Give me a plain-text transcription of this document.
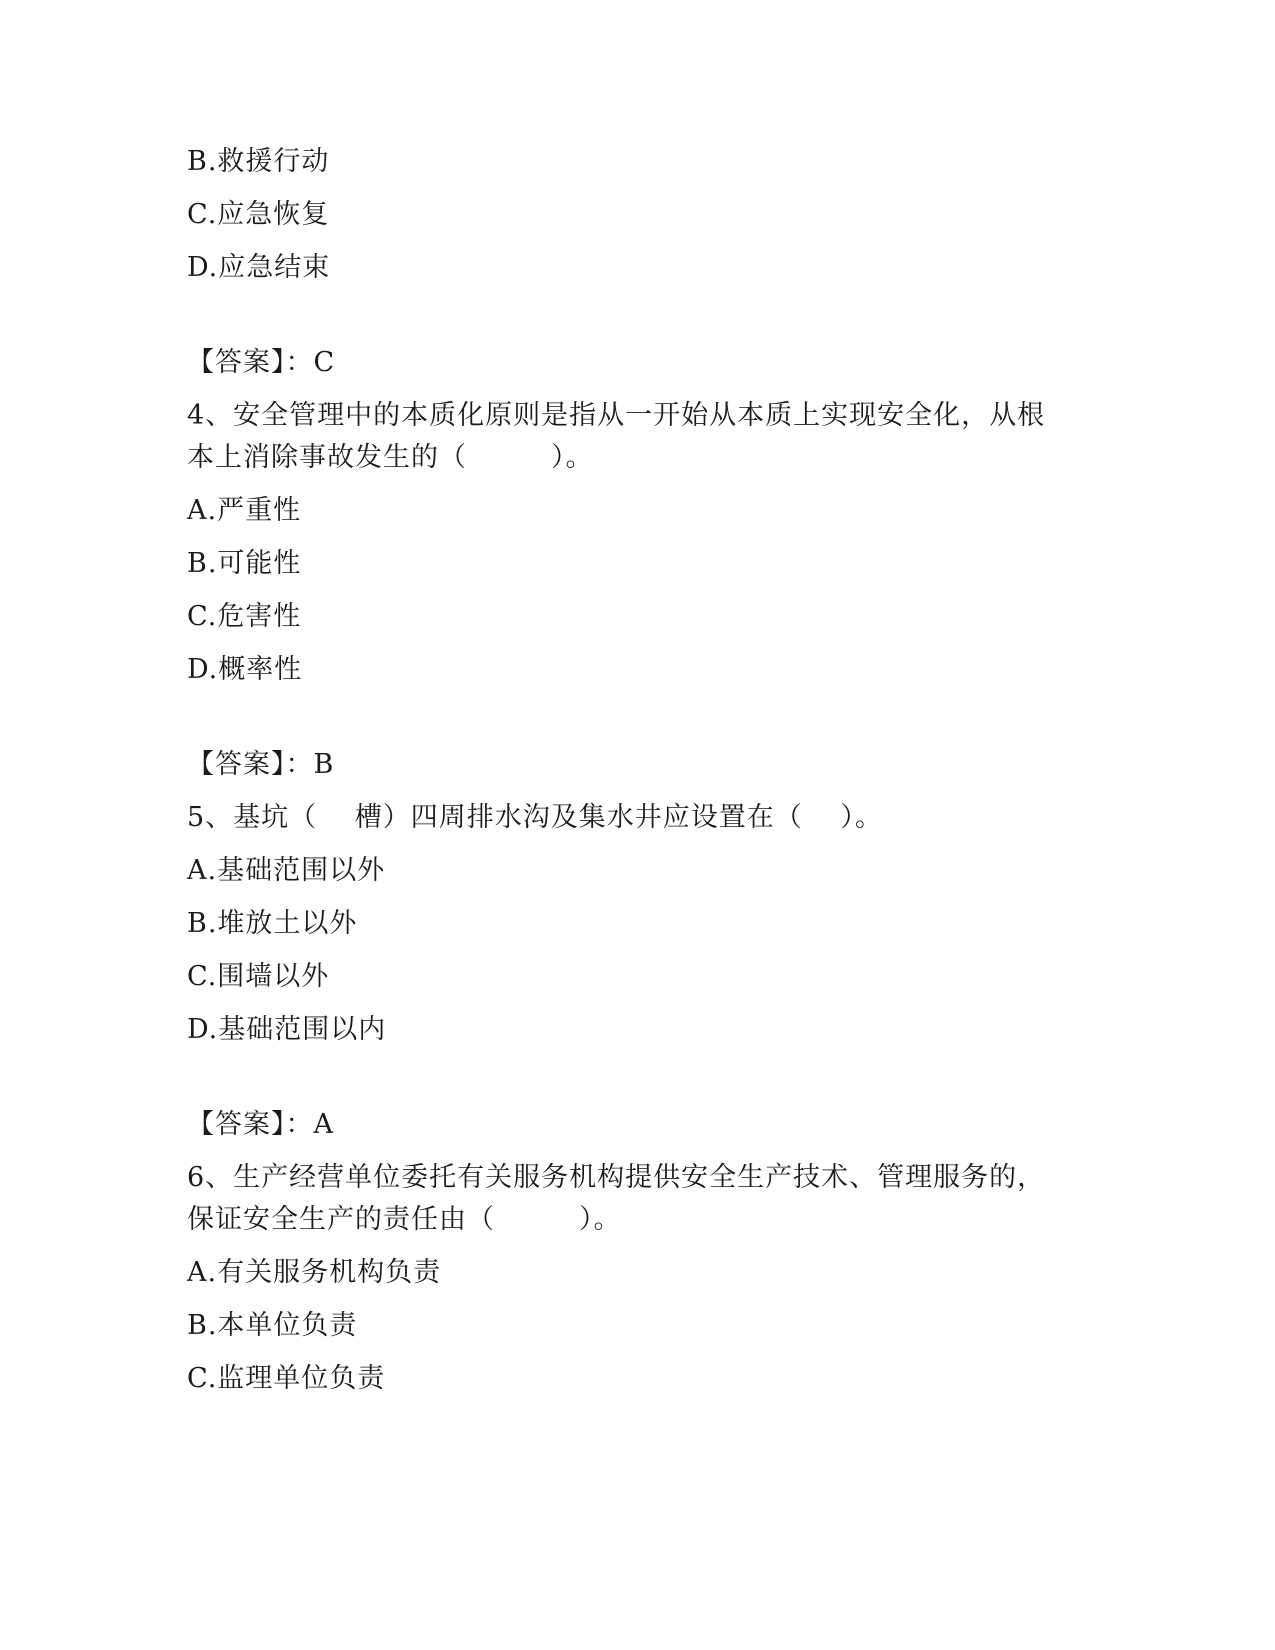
B.救援行动
C.应急恢复
D.应急结束
【答案】：C
4、安全管理中的本质化原则是指从一开始从本质上实现安全化，从根
本上消除事故发生的（　　　）。
A.严重性
B.可能性
C.危害性
D.概率性
【答案】：B
5、基坑（　 槽）四周排水沟及集水井应设置在（　 ）。
A.基础范围以外
B.堆放土以外
C.围墙以外
D.基础范围以内
【答案】：A
6、生产经营单位委托有关服务机构提供安全生产技术、管理服务的，
保证安全生产的责任由（　　　）。
A.有关服务机构负责
B.本单位负责
C.监理单位负责
